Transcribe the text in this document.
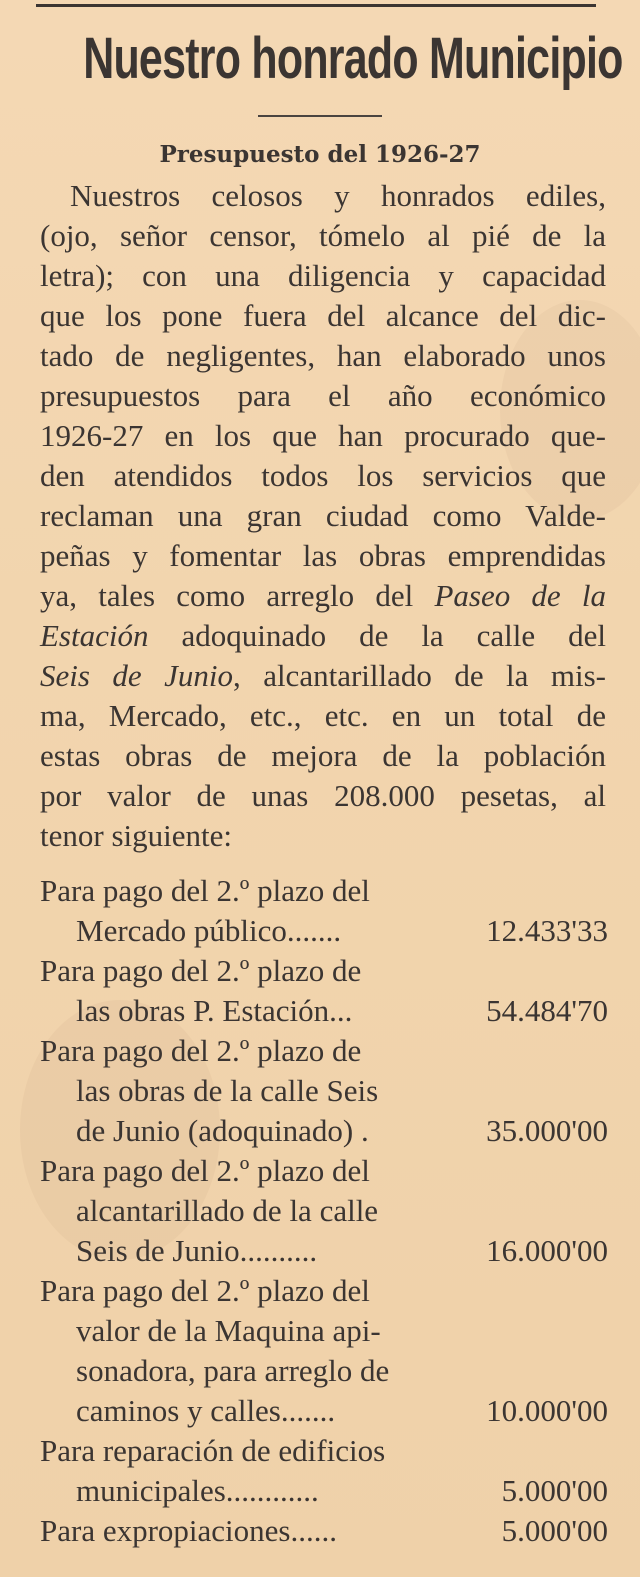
Nuestro honrado Municipio
Presupuesto del 1926-27
Nuestros celosos y honrados ediles,
(ojo, señor censor, tómelo al pié de la
letra); con una diligencia y capacidad
que los pone fuera del alcance del dic-
tado de negligentes, han elaborado unos
presupuestos para el año económico
1926-27 en los que han procurado que-
den atendidos todos los servicios que
reclaman una gran ciudad como Valde-
peñas y fomentar las obras emprendidas
ya, tales como arreglo del Paseo de la
Estación adoquinado de la calle del
Seis de Junio, alcantarillado de la mis-
ma, Mercado, etc., etc. en un total de
estas obras de mejora de la población
por valor de unas 208.000 pesetas, al
tenor siguiente:
Para pago del 2.º plazo del
Mercado público.......	12.433'33
Para pago del 2.º plazo de
las obras P. Estación...	54.484'70
Para pago del 2.º plazo de
las obras de la calle Seis
de Junio (adoquinado) .	35.000'00
Para pago del 2.º plazo del
alcantarillado de la calle
Seis de Junio..........	16.000'00
Para pago del 2.º plazo del
valor de la Maquina api-
sonadora, para arreglo de
caminos y calles.......	10.000'00
Para reparación de edificios
municipales............	5.000'00
Para expropiaciones......	5.000'00
